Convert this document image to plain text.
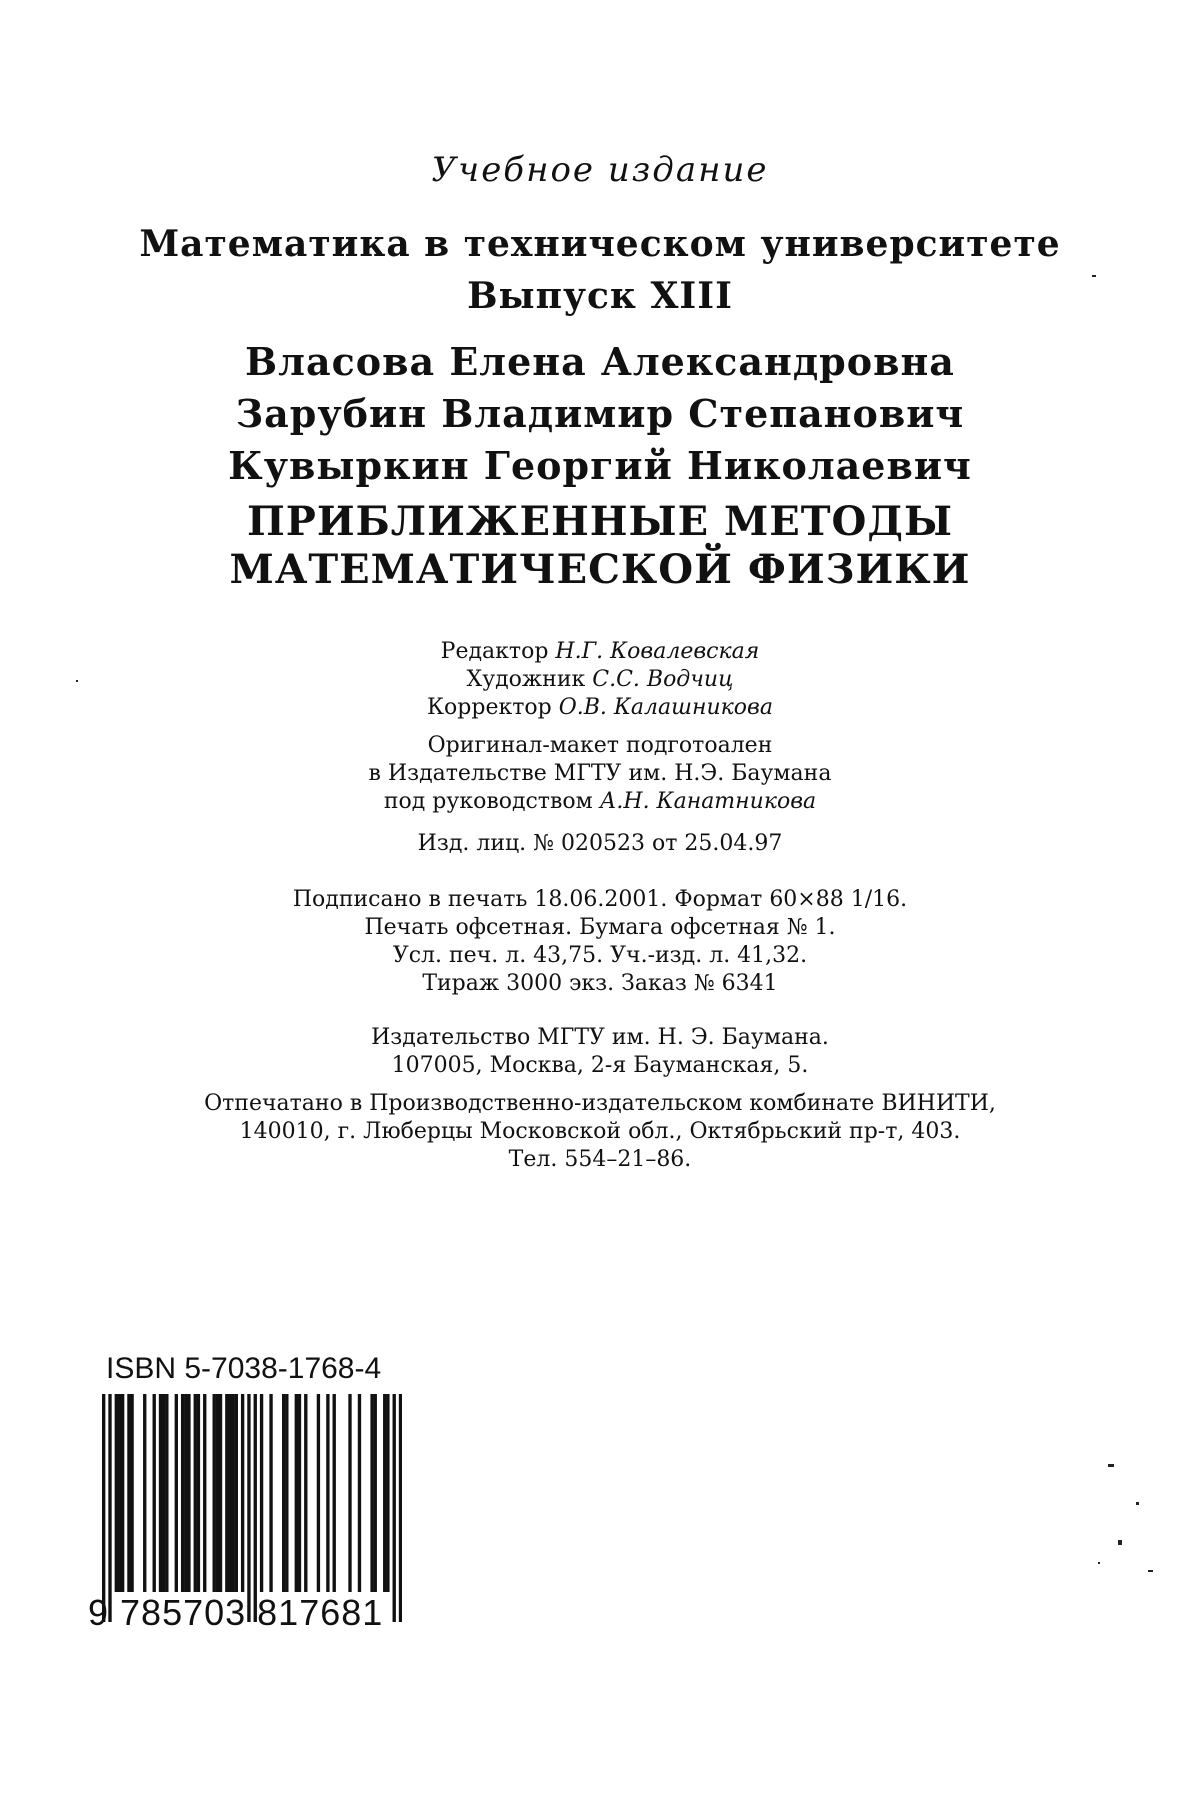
Учебное издание
Математика в техническом университете
Выпуск XIII
Власова Елена Александровна
Зарубин Владимир Степанович
Кувыркин Георгий Николаевич
ПРИБЛИЖЕННЫЕ МЕТОДЫ
МАТЕМАТИЧЕСКОЙ ФИЗИКИ
Редактор Н.Г. Ковалевская
Художник С.С. Водчиц
Корректор О.В. Калашникова
Оригинал-макет подготоален
в Издательстве МГТУ им. Н.Э. Баумана
под руководством А.Н. Канатникова
Изд. лиц. № 020523 от 25.04.97
Подписано в печать 18.06.2001. Формат 60×88 1/16.
Печать офсетная. Бумага офсетная № 1.
Усл. печ. л. 43,75. Уч.-изд. л. 41,32.
Тираж 3000 экз. Заказ № 6341
Издательство МГТУ им. Н. Э. Баумана.
107005, Москва, 2-я Бауманская, 5.
Отпечатано в Производственно-издательском комбинате ВИНИТИ,
140010, г. Люберцы Московской обл., Октябрьский пр-т, 403.
Тел. 554–21–86.
ISBN 5-7038-1768-4
9 785703 817681
